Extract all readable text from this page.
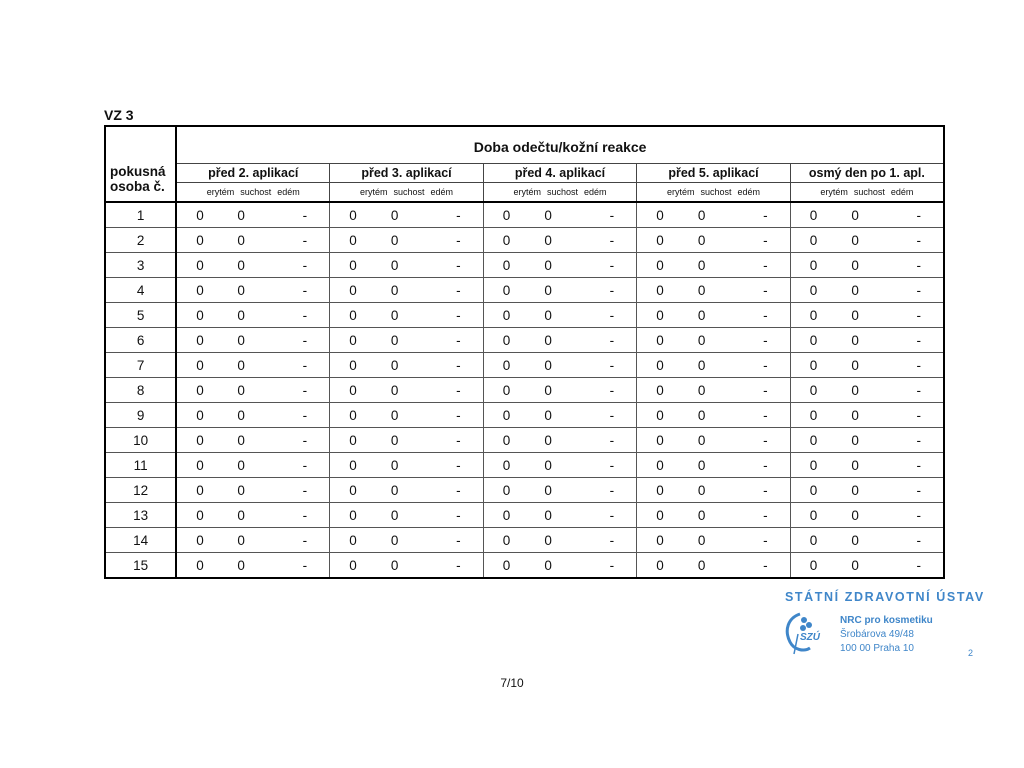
VZ 3
pokusná
osoba č.	Doba odečtu/kožní reakce														
	před 2. aplikací			před 3. aplikací			před 4. aplikací			před 5. aplikací			osmý den po 1. apl.		
	erytém suchost edém			erytém suchost edém			erytém suchost edém			erytém suchost edém			erytém suchost edém		
1	0	0	-	0	0	-	0	0	-	0	0	-	0	0	-
2	0	0	-	0	0	-	0	0	-	0	0	-	0	0	-
3	0	0	-	0	0	-	0	0	-	0	0	-	0	0	-
4	0	0	-	0	0	-	0	0	-	0	0	-	0	0	-
5	0	0	-	0	0	-	0	0	-	0	0	-	0	0	-
6	0	0	-	0	0	-	0	0	-	0	0	-	0	0	-
7	0	0	-	0	0	-	0	0	-	0	0	-	0	0	-
8	0	0	-	0	0	-	0	0	-	0	0	-	0	0	-
9	0	0	-	0	0	-	0	0	-	0	0	-	0	0	-
10	0	0	-	0	0	-	0	0	-	0	0	-	0	0	-
11	0	0	-	0	0	-	0	0	-	0	0	-	0	0	-
12	0	0	-	0	0	-	0	0	-	0	0	-	0	0	-
13	0	0	-	0	0	-	0	0	-	0	0	-	0	0	-
14	0	0	-	0	0	-	0	0	-	0	0	-	0	0	-
15	0	0	-	0	0	-	0	0	-	0	0	-	0	0	-
STÁTNÍ ZDRAVOTNÍ ÚSTAV
SZÚ
NRC pro kosmetiku
Šrobárova 49/48
100 00 Praha 10	2
7/10
